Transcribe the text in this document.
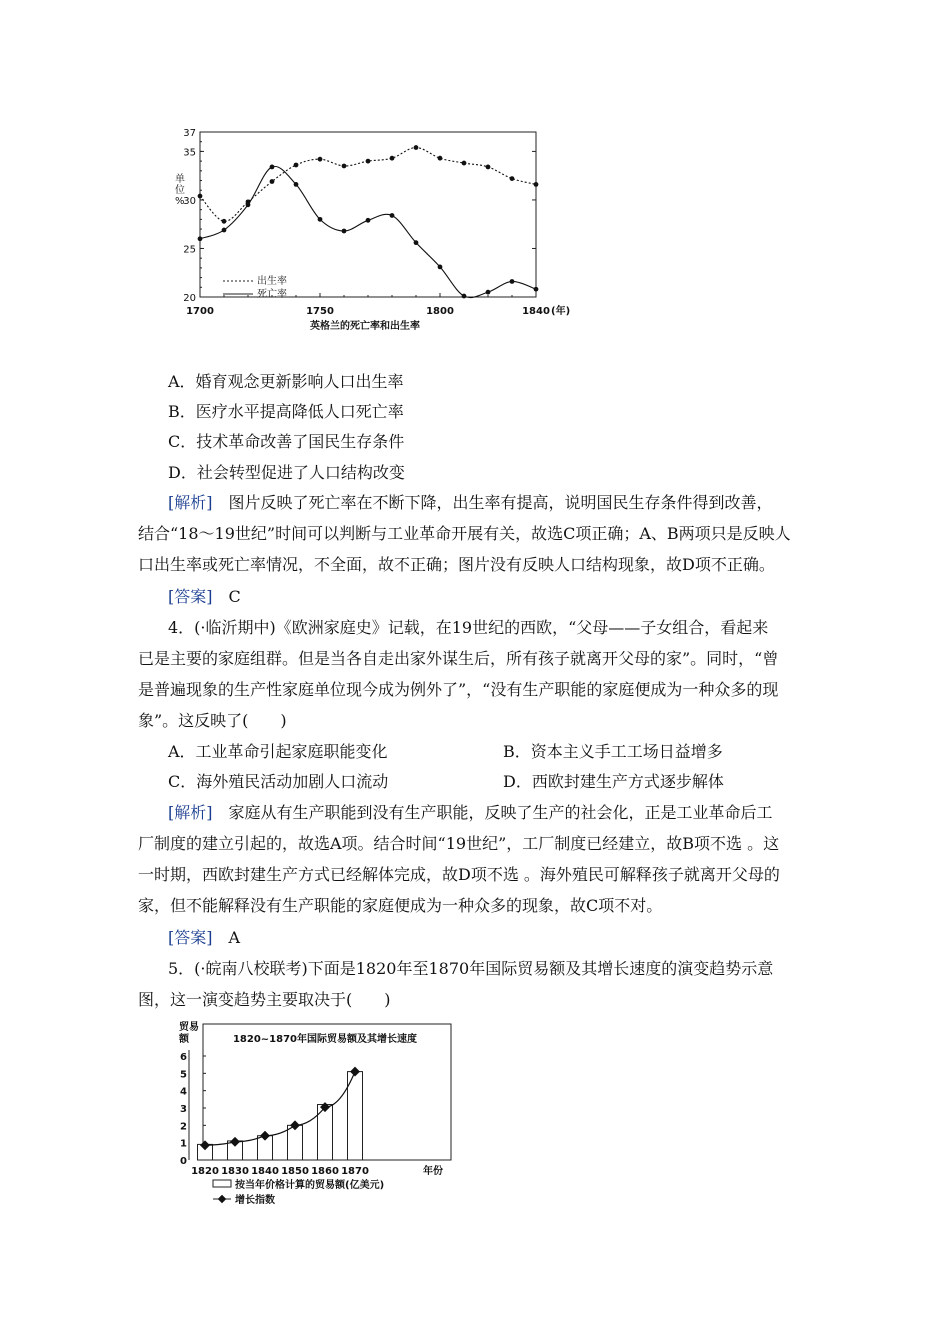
单
位
%
20
25
30
35
37
1700	1750	1800	1840
出生率
死亡率
(年)
英格兰的死亡率和出生率
A．婚育观念更新影响人口出生率
B．医疗水平提高降低人口死亡率
C．技术革命改善了国民生存条件
D．社会转型促进了人口结构改变
[解析]　图片反映了死亡率在不断下降，出生率有提高，说明国民生存条件得到改善，
结合“18～19世纪”时间可以判断与工业革命开展有关，故选C项正确；A、B两项只是反映人
口出生率或死亡率情况，不全面，故不正确；图片没有反映人口结构现象，故D项不正确。
[答案]　C
4．(·临沂期中)《欧洲家庭史》记载，在19世纪的西欧，“父母——子女组合，看起来
已是主要的家庭组群。但是当各自走出家外谋生后，所有孩子就离开父母的家”。同时，“曾
是普遍现象的生产性家庭单位现今成为例外了”，“没有生产职能的家庭便成为一种众多的现
象”。这反映了(　　)
A．工业革命引起家庭职能变化	B．资本主义手工工场日益增多
C．海外殖民活动加剧人口流动	D．西欧封建生产方式逐步解体
[解析]　家庭从有生产职能到没有生产职能，反映了生产的社会化，正是工业革命后工
厂制度的建立引起的，故选A项。结合时间“19世纪”，工厂制度已经建立，故B项不选 。这
一时期，西欧封建生产方式已经解体完成，故D项不选 。海外殖民可解释孩子就离开父母的
家，但不能解释没有生产职能的家庭便成为一种众多的现象，故C项不对。
[答案]　A
5．(·皖南八校联考)下面是1820年至1870年国际贸易额及其增长速度的演变趋势示意
图，这一演变趋势主要取决于(　　)
贸易
额	1820~1870年国际贸易额及其增长速度
0
1
2
3
4
5
6
1820 1830 1840 1850 1860 1870	年份
按当年价格计算的贸易额(亿美元)
增长指数
